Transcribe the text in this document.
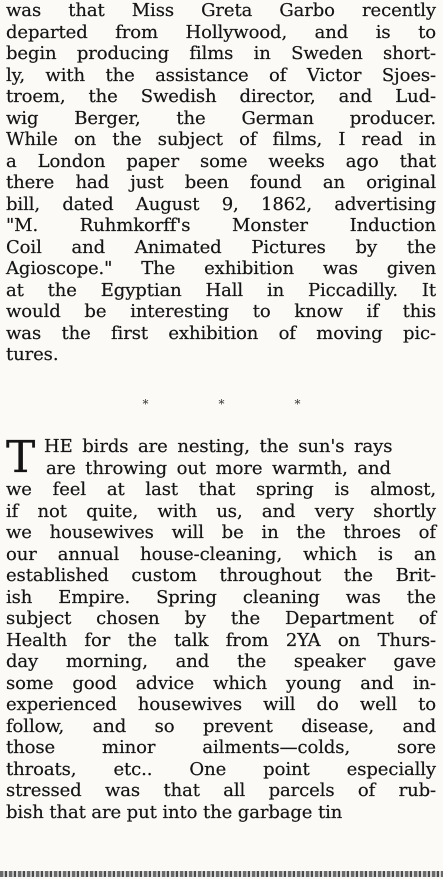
was that Miss Greta Garbo recently
departed from Hollywood, and is to
begin producing films in Sweden short-
ly, with the assistance of Victor Sjoes-
troem, the Swedish director, and Lud-
wig Berger, the German producer.
While on the subject of films, I read in
a London paper some weeks ago that
there had just been found an original
bill, dated August 9, 1862, advertising
"M. Ruhmkorff's Monster Induction
Coil and Animated Pictures by the
Agioscope." The exhibition was given
at the Egyptian Hall in Piccadilly. It
would be interesting to know if this
was the first exhibition of moving pic-
tures.
*	*	*
T HE birds are nesting, the sun's rays
are throwing out more warmth, and
we feel at last that spring is almost,
if not quite, with us, and very shortly
we housewives will be in the throes of
our annual house-cleaning, which is an
established custom throughout the Brit-
ish Empire. Spring cleaning was the
subject chosen by the Department of
Health for the talk from 2YA on Thurs-
day morning, and the speaker gave
some good advice which young and in-
experienced housewives will do well to
follow, and so prevent disease, and
those minor ailments—colds, sore
throats, etc.. One point especially
stressed was that all parcels of rub-
bish that are put into the garbage tin
